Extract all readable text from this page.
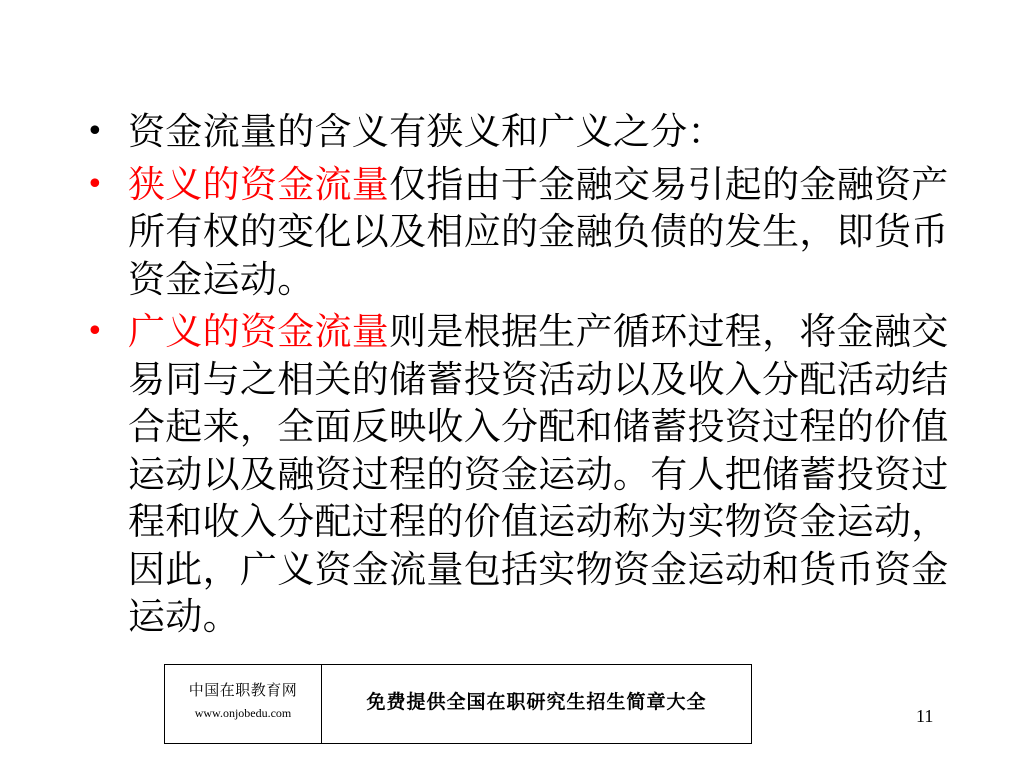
• 资金流量的含义有狭义和广义之分：
• 狭义的资金流量仅指由于金融交易引起的金融资产所有权的变化以及相应的金融负债的发生，即货币资金运动。
• 广义的资金流量则是根据生产循环过程，将金融交易同与之相关的储蓄投资活动以及收入分配活动结合起来，全面反映收入分配和储蓄投资过程的价值运动以及融资过程的资金运动。有人把储蓄投资过程和收入分配过程的价值运动称为实物资金运动，因此，广义资金流量包括实物资金运动和货币资金运动。
中国在职教育网
www.onjobedu.com
免费提供全国在职研究生招生简章大全
11
